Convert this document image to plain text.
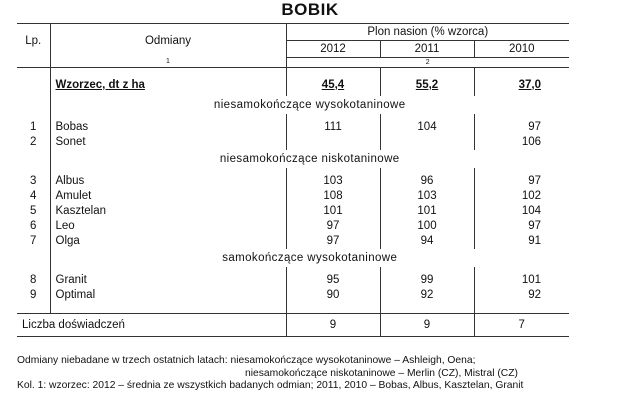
BOBIK
Lp.	Odmiany	Plon nasion (% wzorca)		
		2012	2011	2010
	1	2		

	Wzorzec, dt z ha	45,4	55,2	37,0
	niesamokończące wysokotaninowe			

1	Bobas	111	104	97
2	Sonet			106
	niesamokończące niskotaninowe			

3	Albus	103	96	97
4	Amulet	108	103	102
5	Kasztelan	101	101	104
6	Leo	97	100	97
7	Olga	97	94	91
	samokończące wysokotaninowe			

8	Granit	95	99	101
9	Optimal	90	92	92

Liczba doświadczeń		9	9	7
Odmiany niebadane w trzech ostatnich latach: niesamokończące wysokotaninowe – Ashleigh, Oena;
niesamokończące niskotaninowe – Merlin (CZ), Mistral (CZ)
Kol. 1: wzorzec: 2012 – średnia ze wszystkich badanych odmian; 2011, 2010 – Bobas, Albus, Kasztelan, Granit
